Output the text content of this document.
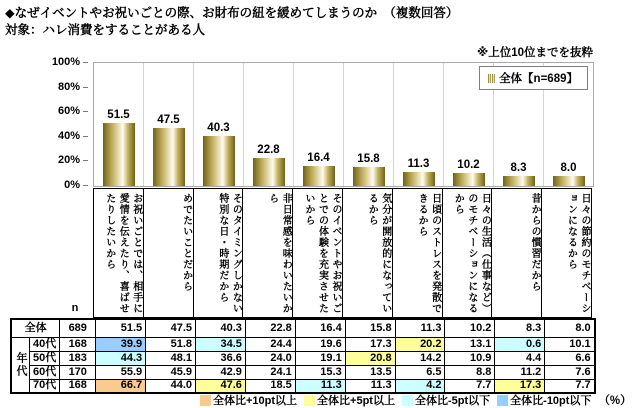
◆なぜイベントやお祝いごとの際、お財布の紐を緩めてしまうのか　（複数回答）
対象：ハレ消費をすることがある人
※上位10位までを抜粋
0%
20%
40%
60%
80%
100%
51.5 47.5
40.3
22.8
16.4 15.8 11.3 10.2	8.3	8.0
全体【n=689】
お祝いごとでは、相手に愛情を伝えたり、喜ばせたりしたいから	めでたいことだから	そのタイミングしかない特別な日・時期だから	非日常感を味わいたいから	そのイベントやお祝いごとでの体験を充実させたいから	気分が開放的になっているから	日頃のストレスを発散できるから	日々の生活（仕事など）のモチベーションになるから	昔からの慣習だから	日々の節約のモチベーションになるから
n
全体		689	51.5	47.5	40.3	22.8	16.4	15.8	11.3	10.2	8.3	8.0
年代	40代	168	39.9	51.8	34.5	24.4	19.6	17.3	20.2	13.1	0.6	10.1
	50代	183	44.3	48.1	36.6	24.0	19.1	20.8	14.2	10.9	4.4	6.6
	60代	170	55.9	45.9	42.9	24.1	15.3	13.5	6.5	8.8	11.2	7.6
	70代	168	66.7	44.0	47.6	18.5	11.3	11.3	4.2	7.7	17.3	7.7
全体比+10pt以上 全体比+5pt以上 全体比-5pt以下 全体比-10pt以下 （%）
